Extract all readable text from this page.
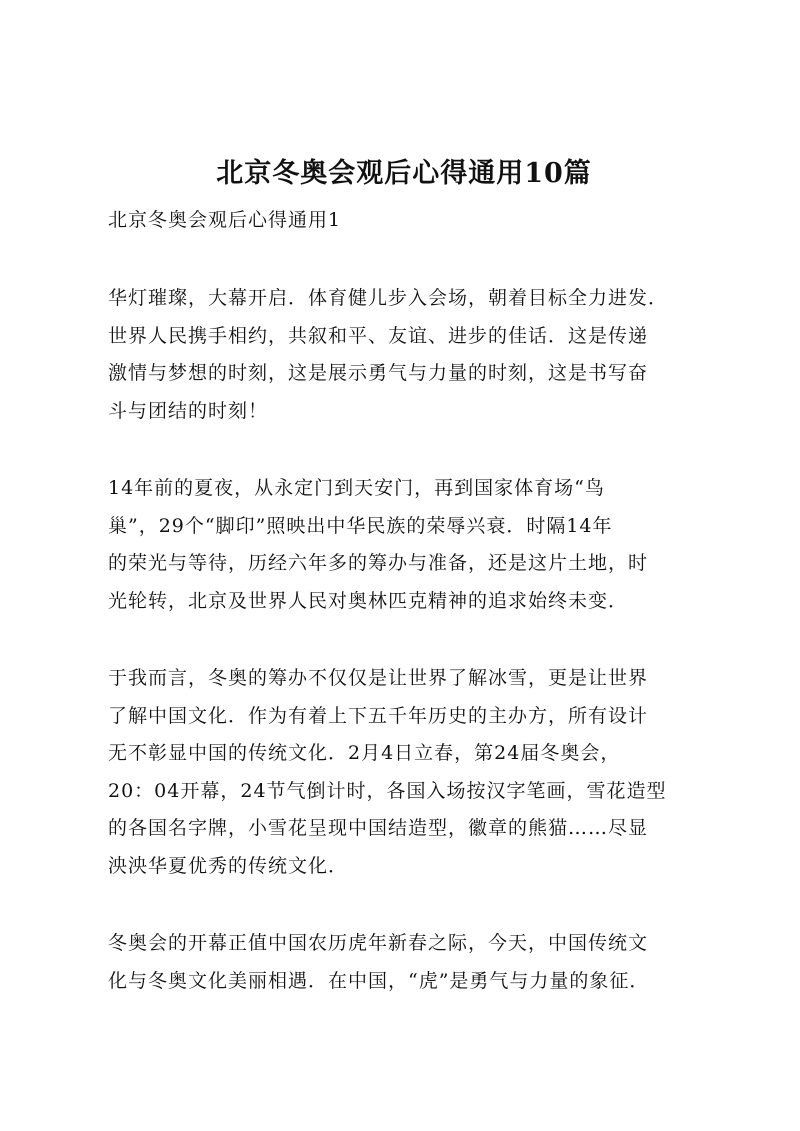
北京冬奥会观后心得通用10篇
北京冬奥会观后心得通用1
华灯璀璨，大幕开启．体育健儿步入会场，朝着目标全力进发．
世界人民携手相约，共叙和平、友谊、进步的佳话．这是传递
激情与梦想的时刻，这是展示勇气与力量的时刻，这是书写奋
斗与团结的时刻！
14年前的夏夜，从永定门到天安门，再到国家体育场“鸟
巢”，29个“脚印”照映出中华民族的荣辱兴衰．时隔14年
的荣光与等待，历经六年多的筹办与准备，还是这片土地，时
光轮转，北京及世界人民对奥林匹克精神的追求始终未变．
于我而言，冬奥的筹办不仅仅是让世界了解冰雪，更是让世界
了解中国文化．作为有着上下五千年历史的主办方，所有设计
无不彰显中国的传统文化．2月4日立春，第24届冬奥会，
20：04开幕，24节气倒计时，各国入场按汉字笔画，雪花造型
的各国名字牌，小雪花呈现中国结造型，徽章的熊猫……尽显
泱泱华夏优秀的传统文化．
冬奥会的开幕正值中国农历虎年新春之际，今天，中国传统文
化与冬奥文化美丽相遇．在中国，“虎”是勇气与力量的象征．
